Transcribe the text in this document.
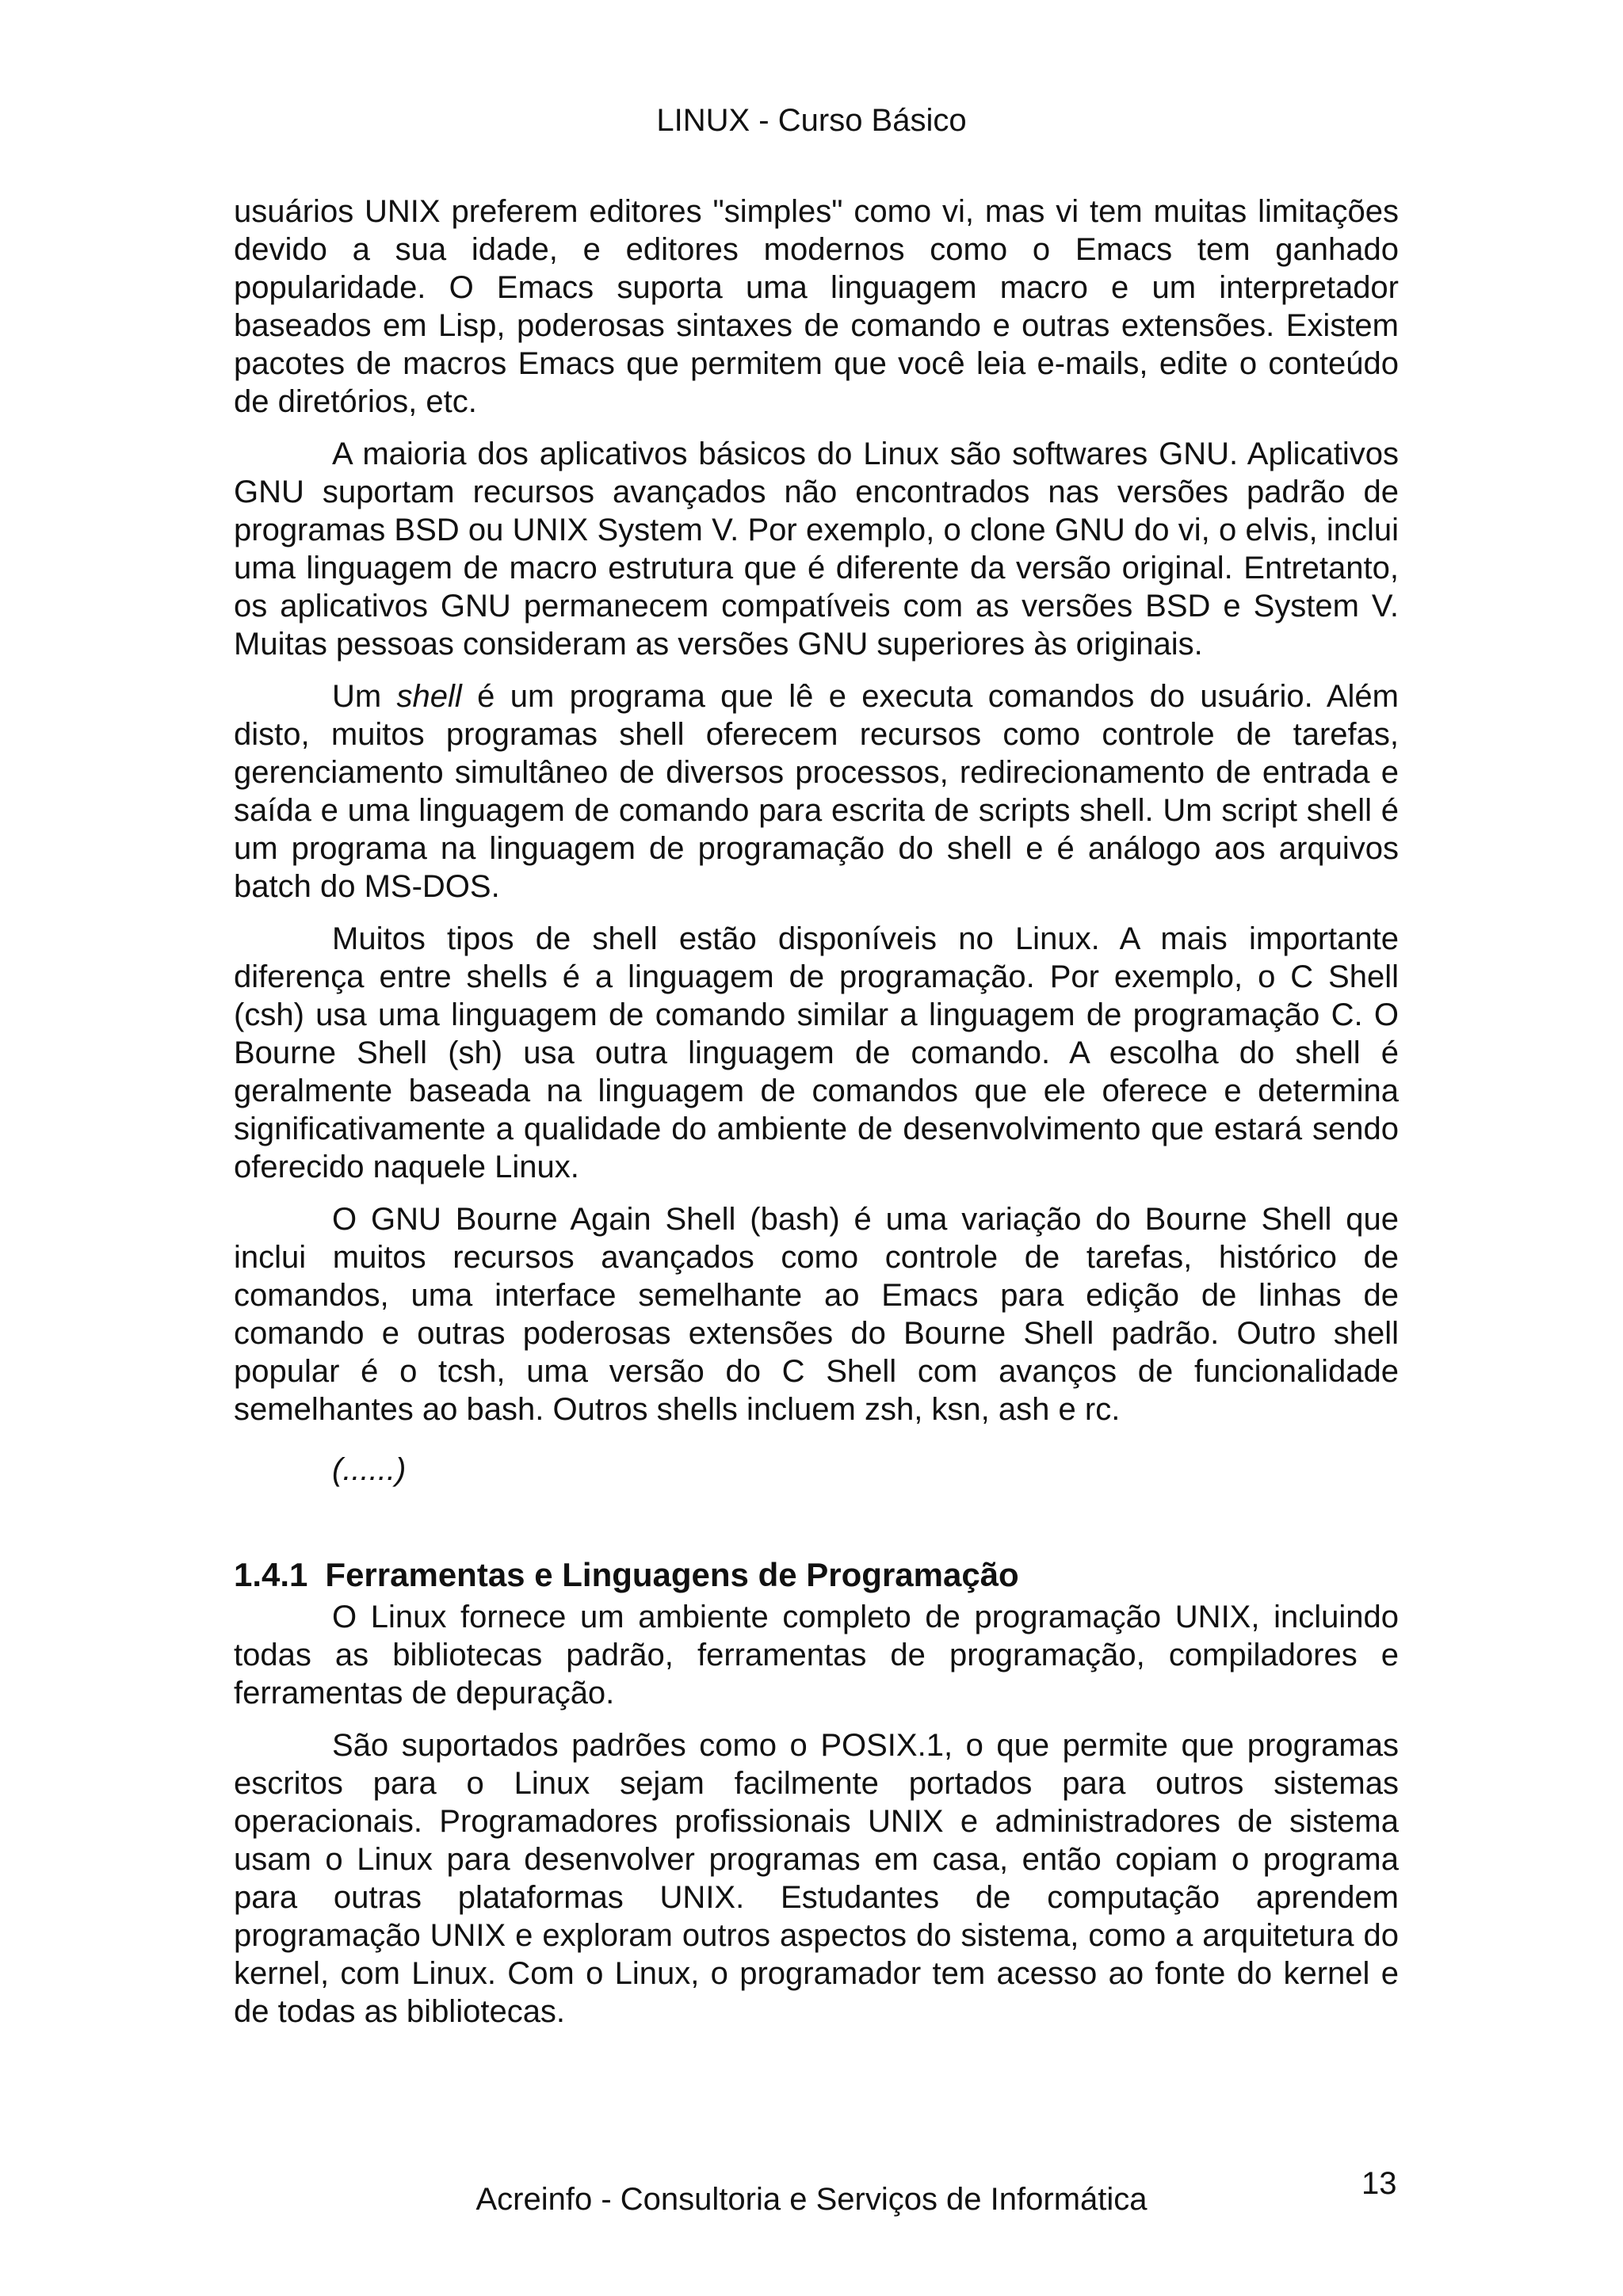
LINUX - Curso Básico

usuários UNIX preferem editores "simples" como vi, mas vi tem muitas limitações devido a sua idade, e editores modernos como o Emacs tem ganhado popularidade. O Emacs suporta uma linguagem macro e um interpretador baseados em Lisp, poderosas sintaxes de comando e outras extensões. Existem pacotes de macros Emacs que permitem que você leia e-mails, edite o conteúdo de diretórios, etc.

A maioria dos aplicativos básicos do Linux são softwares GNU. Aplicativos GNU suportam recursos avançados não encontrados nas versões padrão de programas BSD ou UNIX System V. Por exemplo, o clone GNU do vi, o elvis, inclui uma linguagem de macro estrutura que é diferente da versão original. Entretanto, os aplicativos GNU permanecem compatíveis com as versões BSD e System V. Muitas pessoas consideram as versões GNU superiores às originais.

Um shell é um programa que lê e executa comandos do usuário. Além disto, muitos programas shell oferecem recursos como controle de tarefas, gerenciamento simultâneo de diversos processos, redirecionamento de entrada e saída e uma linguagem de comando para escrita de scripts shell. Um script shell é um programa na linguagem de programação do shell e é análogo aos arquivos batch do MS-DOS.

Muitos tipos de shell estão disponíveis no Linux. A mais importante diferença entre shells é a linguagem de programação. Por exemplo, o C Shell (csh) usa uma linguagem de comando similar a linguagem de programação C. O Bourne Shell (sh) usa outra linguagem de comando. A escolha do shell é geralmente baseada na linguagem de comandos que ele oferece e determina significativamente a qualidade do ambiente de desenvolvimento que estará sendo oferecido naquele Linux.

O GNU Bourne Again Shell (bash) é uma variação do Bourne Shell que inclui muitos recursos avançados como controle de tarefas, histórico de comandos, uma interface semelhante ao Emacs para edição de linhas de comando e outras poderosas extensões do Bourne Shell padrão. Outro shell popular é o tcsh, uma versão do C Shell com avanços de funcionalidade semelhantes ao bash. Outros shells incluem zsh, ksn, ash e rc.

(......)
1.4.1 Ferramentas e Linguagens de Programação

O Linux fornece um ambiente completo de programação UNIX, incluindo todas as bibliotecas padrão, ferramentas de programação, compiladores e ferramentas de depuração.

São suportados padrões como o POSIX.1, o que permite que programas escritos para o Linux sejam facilmente portados para outros sistemas operacionais. Programadores profissionais UNIX e administradores de sistema usam o Linux para desenvolver programas em casa, então copiam o programa para outras plataformas UNIX. Estudantes de computação aprendem programação UNIX e exploram outros aspectos do sistema, como a arquitetura do kernel, com Linux. Com o Linux, o programador tem acesso ao fonte do kernel e de todas as bibliotecas.

Acreinfo - Consultoria e Serviços de Informática	13
